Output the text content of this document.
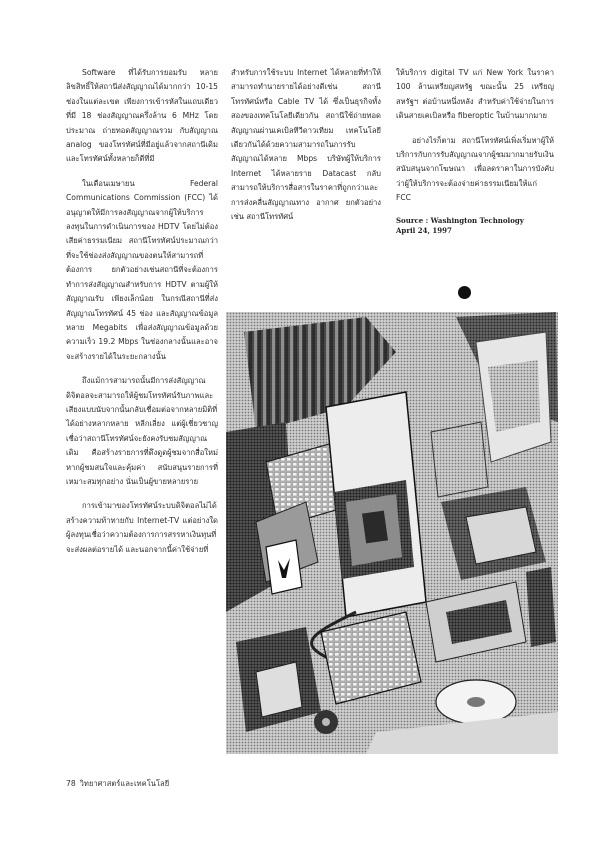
Software ที่ได้รับการยอมรับ หลายลิขสิทธิ์ให้สถานีส่งสัญญาณได้มากกว่า 10-15 ช่องในแต่ละเขต เพียงการเข้ารหัสในแถบเดียว ที่มี 18 ช่องสัญญาณครึ่งล้าน 6 MHz โดยประมาณ ถ่ายทอดสัญญาณรวม กับสัญญาณ analog ของโทรทัศน์ที่มีอยู่แล้วจากสถานีเดิม และโทรทัศน์ทั้งหลายก็ดีที่มี

ในเดือนเมษายน Federal Communications Commission (FCC) ได้อนุญาตให้มีการลงสัญญาณจากผู้ให้บริการลงทุนในการดำเนินการของ HDTV โดยไม่ต้องเสียค่าธรรมเนียม สถานีโทรทัศน์ประมาณกว่าที่จะใช้ช่องส่งสัญญาณของตนให้สามารถที่ต้องการ ยกตัวอย่างเช่นสถานีที่จะต้องการทำการส่งสัญญาณสำหรับการ HDTV ตามผู้ให้สัญญาณรับ เพียงเล็กน้อย ในกรณีสถานีที่ส่งสัญญาณโทรทัศน์ 45 ช่อง และสัญญาณข้อมูลหลาย Megabits เพื่อส่งสัญญาณข้อมูลด้วยความเร็ว 19.2 Mbps ในช่องกลางนั้นและอาจจะสร้างรายได้ในระยะกลางนั้น

ถึงแม้การสามารถนั้นมีการส่งสัญญาณดิจิตอลจะสามารถให้ผู้ชมโทรทัศน์รับภาพและเสียงแบบนับจากนั้นกลับเชื่อมต่อจากหลายมิติที่ได้อย่างหลากหลาย หลีกเลี่ยง แต่ผู้เชี่ยวชาญเชื่อว่าสถานีโทรทัศน์จะยังคงรับชมสัญญาณเดิม คือสร้างรายการที่ดึงดูดผู้ชมจากสื่อใหม่ หากผู้ชมสนใจและคุ้มค่า สนับสนุนรายการที่เหมาะสมทุกอย่าง นั่นเป็นผู้ขายหลายราย

การเข้ามาของโทรทัศน์ระบบดิจิตอลไม่ได้สร้างความท้าทายกับ Internet-TV แต่อย่างใด ผู้ลงทุนเชื่อว่าความต้องการการสรรหาเงินทุนที่จะส่งผลต่อรายได้ และนอกจากนี้ค่าใช้จ่ายที่

สำหรับการใช้ระบบ Internet ได้หลายที่ทำให้สามารถทำนายรายได้อย่างดีเช่น สถานีโทรทัศน์หรือ Cable TV ได้ ซึ่งเป็นธุรกิจทั้งสองของเทคโนโลยีเดียวกัน สถานีใช้ถ่ายทอดสัญญาณผ่านเคเบิลทีวีดาวเทียม เทคโนโลยีเดียวกันได้ด้วยความสามารถในการรับสัญญาณได้หลาย Mbps บริษัทผู้ให้บริการ Internet ได้หลายราย Datacast กลับสามารถให้บริการสื่อสารในราคาที่ถูกกว่าและการส่งคลื่นสัญญาณทาง อากาศ ยกตัวอย่างเช่น สถานีโทรทัศน์

ให้บริการ digital TV แก่ New York ในราคา 100 ล้านเหรียญสหรัฐ ขณะนั้น 25 เหรียญสหรัฐฯ ต่อบ้านหนึ่งหลัง สำหรับค่าใช้จ่ายในการเดินสายเคเบิลหรือ fiberoptic ในบ้านมากมาย

อย่างไรก็ตาม สถานีโทรทัศน์เพิ่งเริ่มหาผู้ให้บริการกับการรับสัญญาณจากผู้ชมมากมายรับเงินสนับสนุนจากโฆษณา เพื่อลดราคาในการบังคับว่าผู้ให้บริการจะต้องจ่ายค่าธรรมเนียมให้แก่ FCC

Source : Washington Technology
April 24, 1997
78 วิทยาศาสตร์และเทคโนโลยี
